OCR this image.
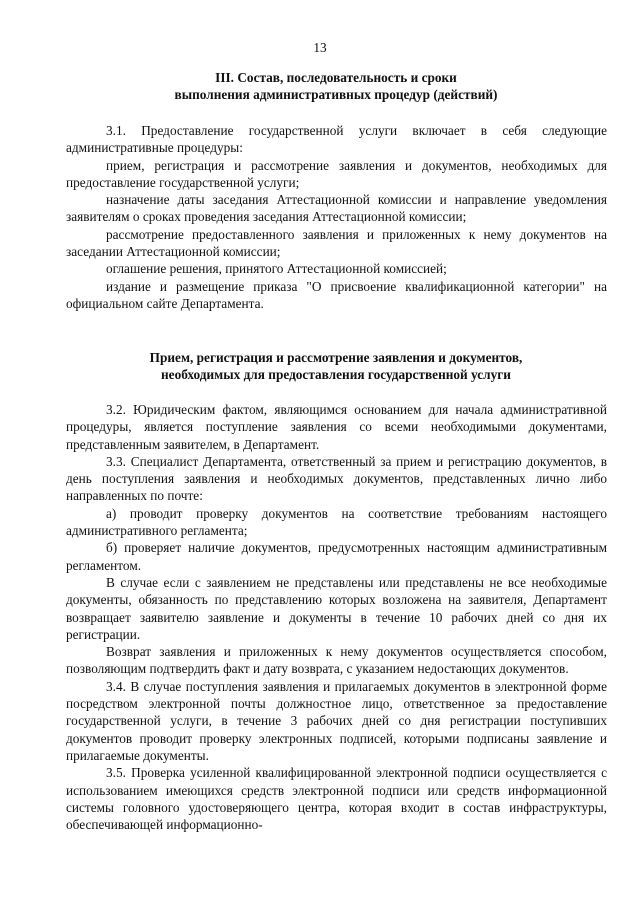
13
III. Состав, последовательность и сроки
выполнения административных процедур (действий)

3.1. Предоставление государственной услуги включает в себя следующие административные процедуры:

прием, регистрация и рассмотрение заявления и документов, необходимых для предоставление государственной услуги;

назначение даты заседания Аттестационной комиссии и направление уведомления заявителям о сроках проведения заседания Аттестационной комиссии;

рассмотрение предоставленного заявления и приложенных к нему документов на заседании Аттестационной комиссии;

оглашение решения, принятого Аттестационной комиссией;

издание и размещение приказа "О присвоение квалификационной категории" на официальном сайте Департамента.

Прием, регистрация и рассмотрение заявления и документов,
необходимых для предоставления государственной услуги

3.2. Юридическим фактом, являющимся основанием для начала административной процедуры, является поступление заявления со всеми необходимыми документами, представленным заявителем, в Департамент.

3.3. Специалист Департамента, ответственный за прием и регистрацию документов, в день поступления заявления и необходимых документов, представленных лично либо направленных по почте:

а) проводит проверку документов на соответствие требованиям настоящего административного регламента;

б) проверяет наличие документов, предусмотренных настоящим административным регламентом.

В случае если с заявлением не представлены или представлены не все необходимые документы, обязанность по представлению которых возложена на заявителя, Департамент возвращает заявителю заявление и документы в течение 10 рабочих дней со дня их регистрации.

Возврат заявления и приложенных к нему документов осуществляется способом, позволяющим подтвердить факт и дату возврата, с указанием недостающих документов.

3.4. В случае поступления заявления и прилагаемых документов в электронной форме посредством электронной почты должностное лицо, ответственное за предоставление государственной услуги, в течение 3 рабочих дней со дня регистрации поступивших документов проводит проверку электронных подписей, которыми подписаны заявление и прилагаемые документы.

3.5. Проверка усиленной квалифицированной электронной подписи осуществляется с использованием имеющихся средств электронной подписи или средств информационной системы головного удостоверяющего центра, которая входит в состав инфраструктуры, обеспечивающей информационно-
